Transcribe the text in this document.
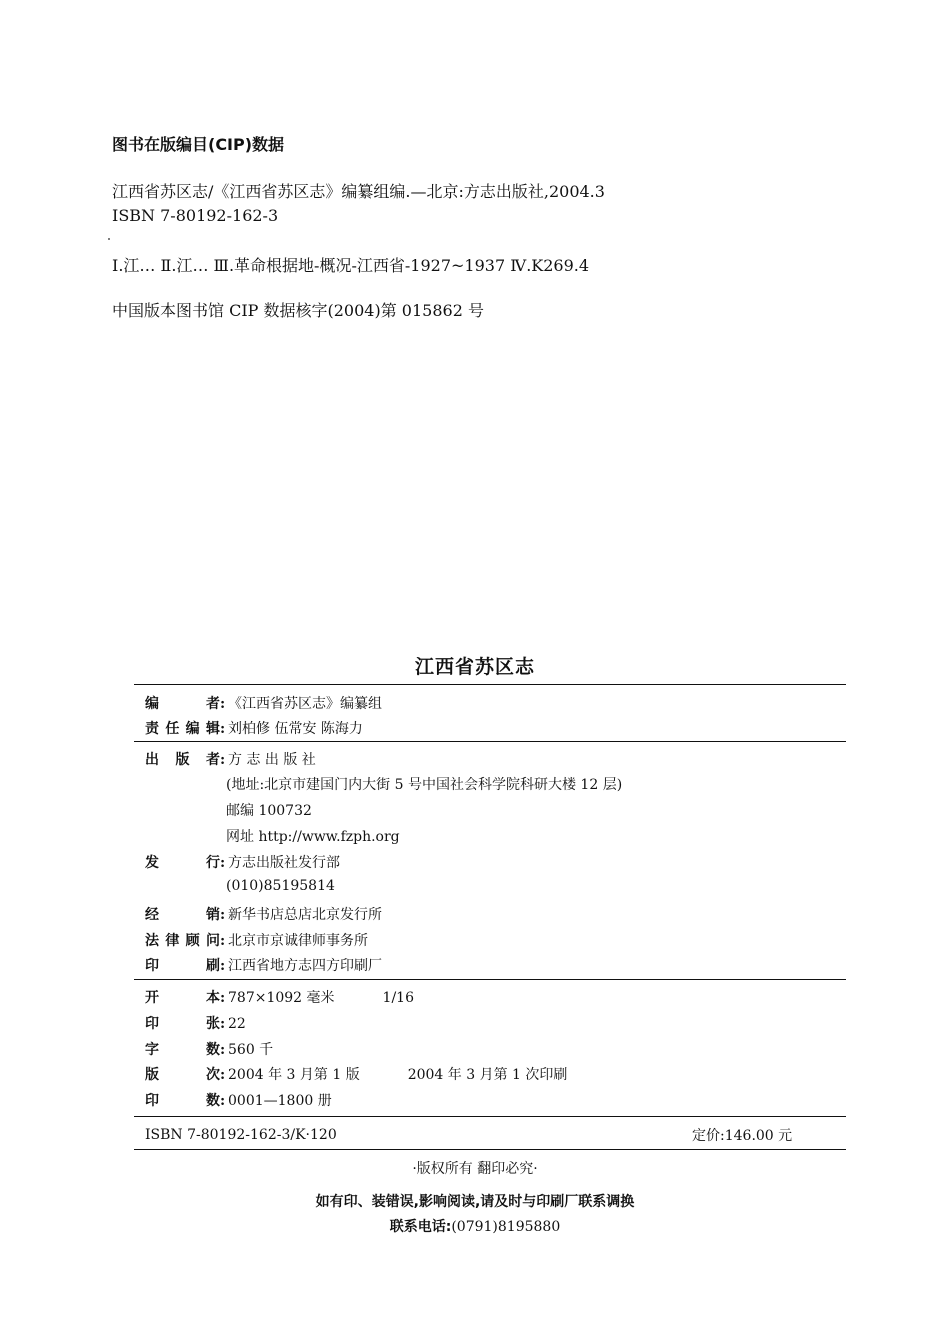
图书在版编目(CIP)数据
江西省苏区志/《江西省苏区志》编纂组编.—北京:方志出版社,2004.3
ISBN 7-80192-162-3
Ⅰ.江… Ⅱ.江… Ⅲ.革命根据地-概况-江西省-1927~1937 Ⅳ.K269.4
中国版本图书馆 CIP 数据核字(2004)第 015862 号
江西省苏区志
编者: 《江西省苏区志》编纂组
责任编辑: 刘柏修 伍常安 陈海力
出版者: 方 志 出 版 社
(地址:北京市建国门内大街 5 号中国社会科学院科研大楼 12 层)
邮编 100732
网址 http://www.fzph.org
发行: 方志出版社发行部
(010)85195814
经销: 新华书店总店北京发行所
法律顾问: 北京市京诚律师事务所
印刷: 江西省地方志四方印刷厂
开本: 787×1092 毫米	1/16
印张: 22
字数: 560 千
版次: 2004 年 3 月第 1 版	2004 年 3 月第 1 次印刷
印数: 0001—1800 册
ISBN 7-80192-162-3/K·120	定价:146.00 元
·版权所有 翻印必究·
如有印、装错误,影响阅读,请及时与印刷厂联系调换
联系电话:(0791)8195880
